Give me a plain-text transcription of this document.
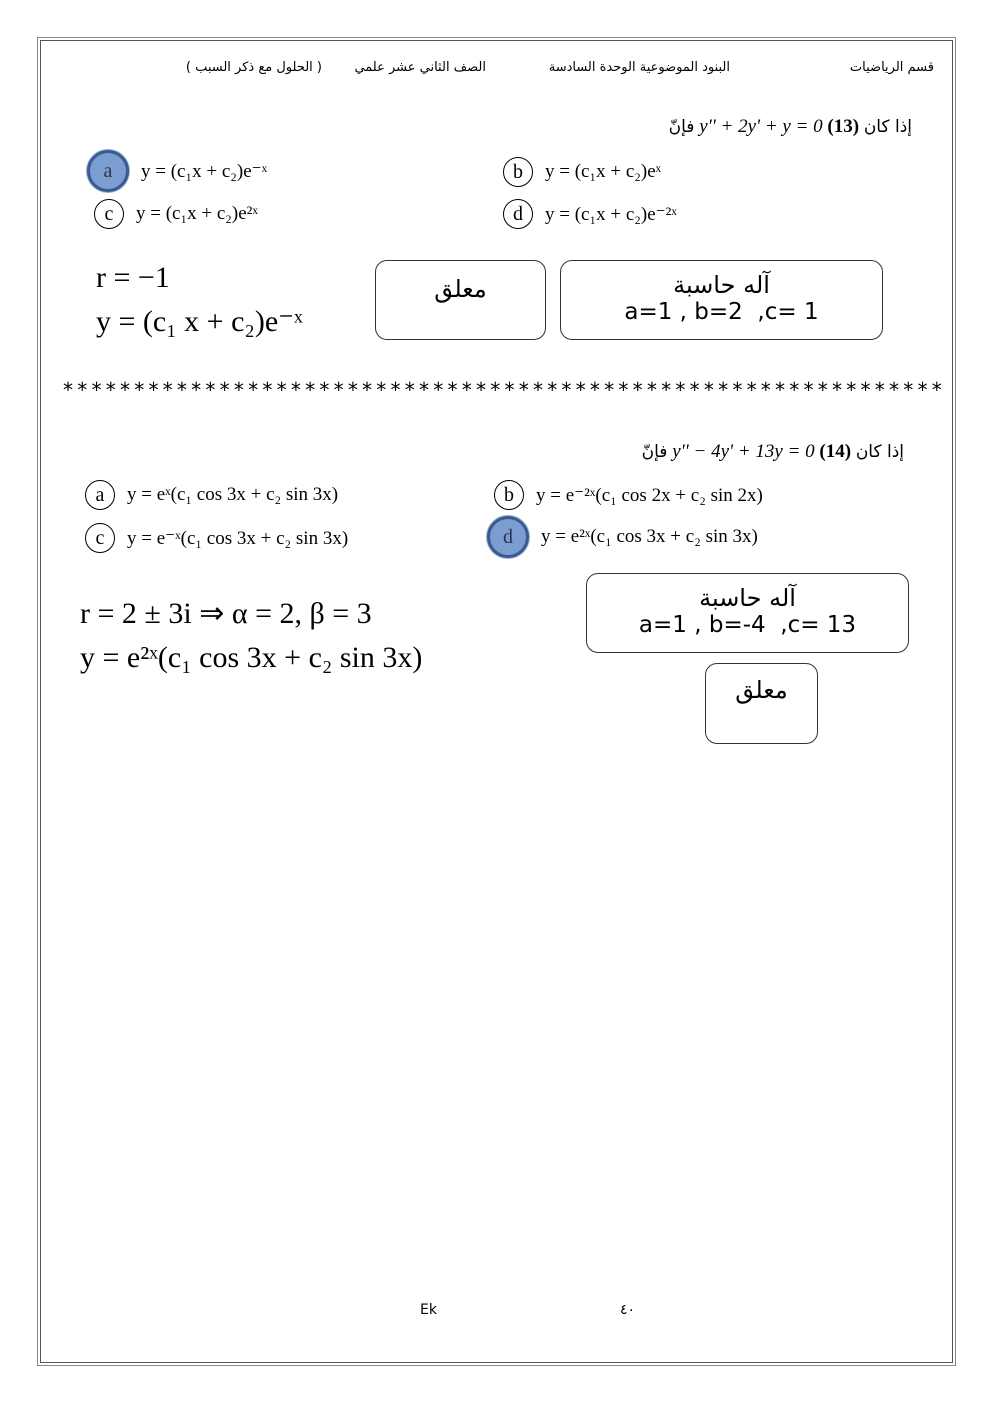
قسم الرياضيات
البنود الموضوعية الوحدة السادسة
الصف الثاني عشر علمي
( الحلول مع ذكر السبب )
فإنّ y'' + 2y' + y = 0 إذا كان (13)
a	y = (c₁x + c₂)e⁻ˣ	b	y = (c₁x + c₂)eˣ
c	y = (c₁x + c₂)e²ˣ	d	y = (c₁x + c₂)e⁻²ˣ
r = −1
y = (c₁ x + c₂)e⁻ˣ
معلق	آله حاسبة
a=1 , b=2  ,c= 1
**************************************************************
فإنّ y'' − 4y' + 13y = 0 إذا كان (14)
a	y = eˣ(c₁ cos 3x + c₂ sin 3x)	b	y = e⁻²ˣ(c₁ cos 2x + c₂ sin 2x)
c	y = e⁻ˣ(c₁ cos 3x + c₂ sin 3x)	d	y = e²ˣ(c₁ cos 3x + c₂ sin 3x)
r = 2 ± 3i ⇒ α = 2, β = 3
y = e²ˣ(c₁ cos 3x + c₂ sin 3x)
آله حاسبة
a=1 , b=-4  ,c= 13
معلق
Ek	٤٠
